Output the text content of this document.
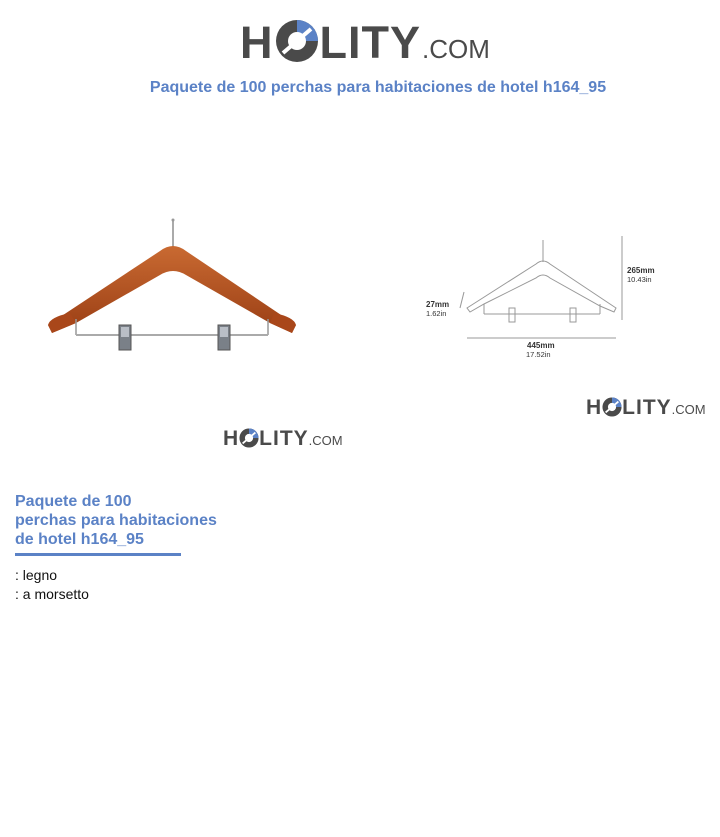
H LITY .COM
Paquete de 100 perchas para habitaciones de hotel h164_95
265mm
10.43in
27mm
1.62in
445mm
17.52in
H LITY .COM
H LITY .COM
Paquete de 100
perchas para habitaciones
de hotel h164_95
: legno
: a morsetto
